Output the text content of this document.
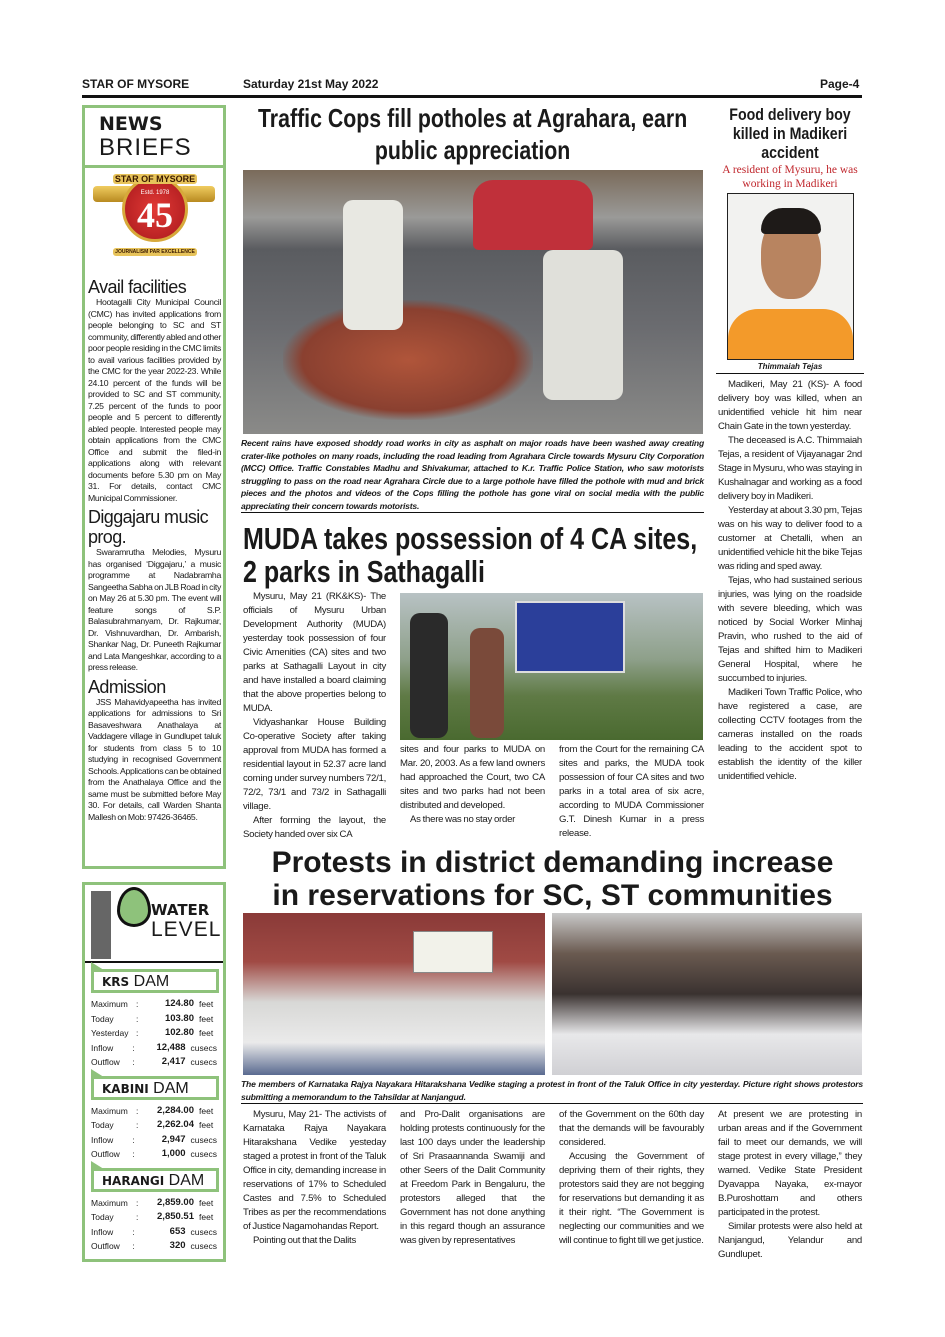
STAR OF MYSORE	Saturday 21st May 2022	Page-4
NEWS
BRIEFS
STAR OF MYSORE
Estd. 1978
45
JOURNALISM PAR EXCELLENCE
Avail facilities

Hootagalli City Municipal Council (CMC) has invited applications from people belonging to SC and ST community, differently abled and other poor people residing in the CMC limits to avail various facilities provided by the CMC for the year 2022-23. While 24.10 percent of the funds will be provided to SC and ST community, 7.25 percent of the funds to poor people and 5 percent to differently abled people. Interested people may obtain applications from the CMC Office and submit the filed-in applications along with relevant documents before 5.30 pm on May 31. For details, contact CMC Municipal Commissioner.

Diggajaru music prog.

Swaramrutha Melodies, Mysuru has organised ‘Diggajaru,’ a music programme at Nadabramha Sangeetha Sabha on JLB Road in city on May 26 at 5.30 pm. The event will feature songs of S.P. Balasubrahmanyam, Dr. Rajkumar, Dr. Vishnuvardhan, Dr. Ambarish, Shankar Nag, Dr. Puneeth Rajkumar and Lata Mangeshkar, according to a press release.

Admission

JSS Mahavidyapeetha has invited applications for admissions to Sri Basaveshwara Anathalaya at Vaddagere village in Gundlupet taluk for students from class 5 to 10 studying in recognised Government Schools. Applications can be obtained from the Anathalaya Office and the same must be submitted before May 30. For details, call Warden Shanta Mallesh on Mob: 97426-36465.

WATER
LEVEL
KRS DAM
Maximum :	124.80 feet
Today	:	103.80 feet
Yesterday :	102.80 feet
Inflow	:	12,488 cusecs
Outflow	:	2,417 cusecs
KABINI DAM
Maximum :	2,284.00 feet
Today	:	2,262.04 feet
Inflow	:	2,947 cusecs
Outflow	:	1,000 cusecs
HARANGI DAM
Maximum :	2,859.00 feet
Today	:	2,850.51 feet
Inflow	:	653 cusecs
Outflow	:	320 cusecs
Traffic Cops fill potholes at Agrahara, earn public appreciation
Recent rains have exposed shoddy road works in city as asphalt on major roads have been washed away creating crater-like potholes on many roads, including the road leading from Agrahara Circle towards Mysuru City Corporation (MCC) Office. Traffic Constables Madhu and Shivakumar, attached to K.r. Traffic Police Station, who saw motorists struggling to pass on the road near Agrahara Circle due to a large pothole have filled the pothole with mud and brick pieces and the photos and videos of the Cops filling the pothole has gone viral on social media with the public appreciating their concern towards motorists.
MUDA takes possession of 4 CA sites, 2 parks in Sathagalli

Mysuru, May 21 (RK&KS)- The officials of Mysuru Urban Development Authority (MUDA) yesterday took possession of four Civic Amenities (CA) sites and two parks at Sathagalli Layout in city and have installed a board claiming that the above properties belong to MUDA.

Vidyashankar House Building Co-operative Society after taking approval from MUDA has formed a residential layout in 52.37 acre land coming under survey numbers 72/1, 72/2, 73/1 and 73/2 in Sathagalli village.

After forming the layout, the Society handed over six CA

sites and four parks to MUDA on Mar. 20, 2003. As a few land owners had approached the Court, two CA sites and two parks had not been distributed and developed.

As there was no stay order

from the Court for the remaining CA sites and parks, the MUDA took possession of four CA sites and two parks in a total area of six acre, according to MUDA Commissioner G.T. Dinesh Kumar in a press release.

Food delivery boy killed in Madikeri accident
A resident of Mysuru, he was working in Madikeri
Thimmaiah Tejas

Madikeri, May 21 (KS)- A food delivery boy was killed, when an unidentified vehicle hit him near Chain Gate in the town yesterday.

The deceased is A.C. Thimmaiah Tejas, a resident of Vijayanagar 2nd Stage in Mysuru, who was staying in Kushalnagar and working as a food delivery boy in Madikeri.

Yesterday at about 3.30 pm, Tejas was on his way to deliver food to a customer at Chetalli, when an unidentified vehicle hit the bike Tejas was riding and sped away.

Tejas, who had sustained serious injuries, was lying on the roadside with severe bleeding, which was noticed by Social Worker Minhaj Pravin, who rushed to the aid of Tejas and shifted him to Madikeri General Hospital, where he succumbed to injuries.

Madikeri Town Traffic Police, who have registered a case, are collecting CCTV footages from the cameras installed on the roads leading to the accident spot to establish the identity of the killer unidentified vehicle.

Protests in district demanding increase
in reservations for SC, ST communities
The members of Karnataka Rajya Nayakara Hitarakshana Vedike staging a protest in front of the Taluk Office in city yesterday. Picture right shows protestors submitting a memorandum to the Tahsildar at Nanjangud.

Mysuru, May 21- The activists of Karnataka Rajya Nayakara Hitarakshana Vedike yesteday staged a protest in front of the Taluk Office in city, demanding increase in reservations of 17% to Scheduled Castes and 7.5% to Scheduled Tribes as per the recommendations of Justice Nagamohandas Report.

Pointing out that the Dalits

and Pro-Dalit organisations are holding protests continuously for the last 100 days under the leadership of Sri Prasaannanda Swamiji and other Seers of the Dalit Community at Freedom Park in Bengaluru, the protestors alleged that the Government has not done anything in this regard though an assurance was given by representatives

of the Government on the 60th day that the demands will be favourably considered.

Accusing the Government of depriving them of their rights, they protestors said they are not begging for reservations but demanding it as it their right. “The Government is neglecting our communities and we will continue to fight till we get justice.

At present we are protesting in urban areas and if the Government fail to meet our demands, we will stage protest in every village,” they warned. Vedike State President Dyavappa Nayaka, ex-mayor B.Puroshottam and others participated in the protest.

Similar protests were also held at Nanjangud, Yelandur and Gundlupet.
